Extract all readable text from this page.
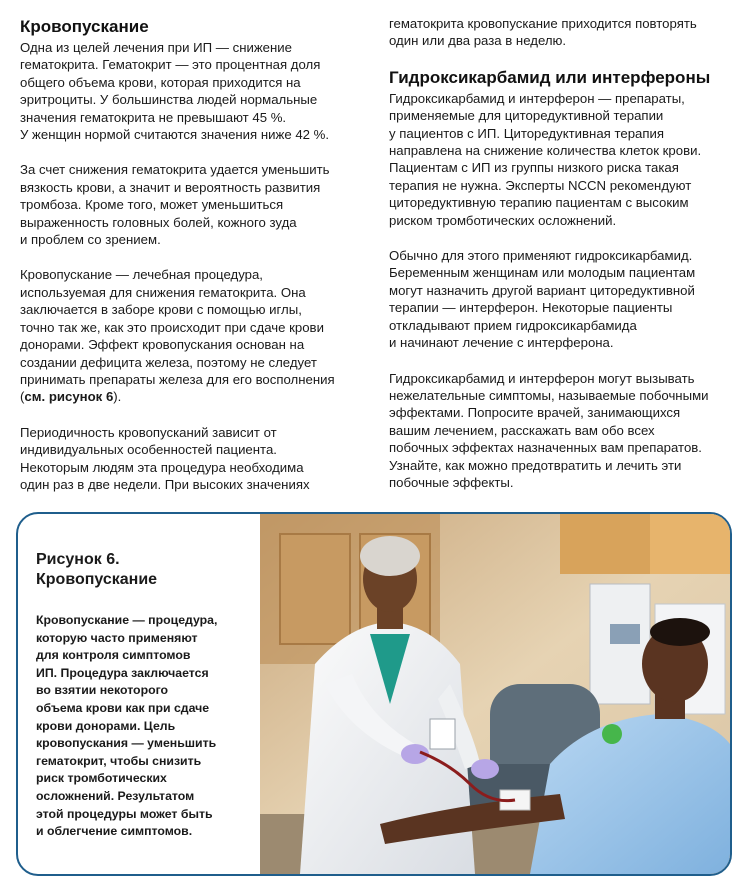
Кровопускание

Одна из целей лечения при ИП — снижение
гематокрита. Гематокрит — это процентная доля
общего объема крови, которая приходится на
эритроциты. У большинства людей нормальные
значения гематокрита не превышают 45 %.
У женщин нормой считаются значения ниже 42 %.

За счет снижения гематокрита удается уменьшить
вязкость крови, а значит и вероятность развития
тромбоза. Кроме того, может уменьшиться
выраженность головных болей, кожного зуда
и проблем со зрением.

Кровопускание — лечебная процедура,
используемая для снижения гематокрита. Она
заключается в заборе крови с помощью иглы,
точно так же, как это происходит при сдаче крови
донорами. Эффект кровопускания основан на
создании дефицита железа, поэтому не следует
принимать препараты железа для его восполнения
(см. рисунок 6).

Периодичность кровопусканий зависит от
индивидуальных особенностей пациента.
Некоторым людям эта процедура необходима
один раз в две недели. При высоких значениях

гематокрита кровопускание приходится повторять
один или два раза в неделю.

Гидроксикарбамид или интерфероны

Гидроксикарбамид и интерферон — препараты,
применяемые для циторедуктивной терапии
у пациентов с ИП. Циторедуктивная терапия
направлена на снижение количества клеток крови.
Пациентам с ИП из группы низкого риска такая
терапия не нужна. Эксперты NCCN рекомендуют
циторедуктивную терапию пациентам с высоким
риском тромботических осложнений.

Обычно для этого применяют гидроксикарбамид.
Беременным женщинам или молодым пациентам
могут назначить другой вариант циторедуктивной
терапии — интерферон. Некоторые пациенты
откладывают прием гидроксикарбамида
и начинают лечение с интерферона.

Гидроксикарбамид и интерферон могут вызывать
нежелательные симптомы, называемые побочными
эффектами. Попросите врачей, занимающихся
вашим лечением, расскажать вам обо всех
побочных эффектах назначенных вам препаратов.
Узнайте, как можно предотвратить и лечить эти
побочные эффекты.

Рисунок 6.
Кровопускание
Кровопускание — процедура,
которую часто применяют
для контроля симптомов
ИП. Процедура заключается
во взятии некоторого
объема крови как при сдаче
крови донорами. Цель
кровопускания — уменьшить
гематокрит, чтобы снизить
риск тромботических
осложнений. Результатом
этой процедуры может быть
и облегчение симптомов.
